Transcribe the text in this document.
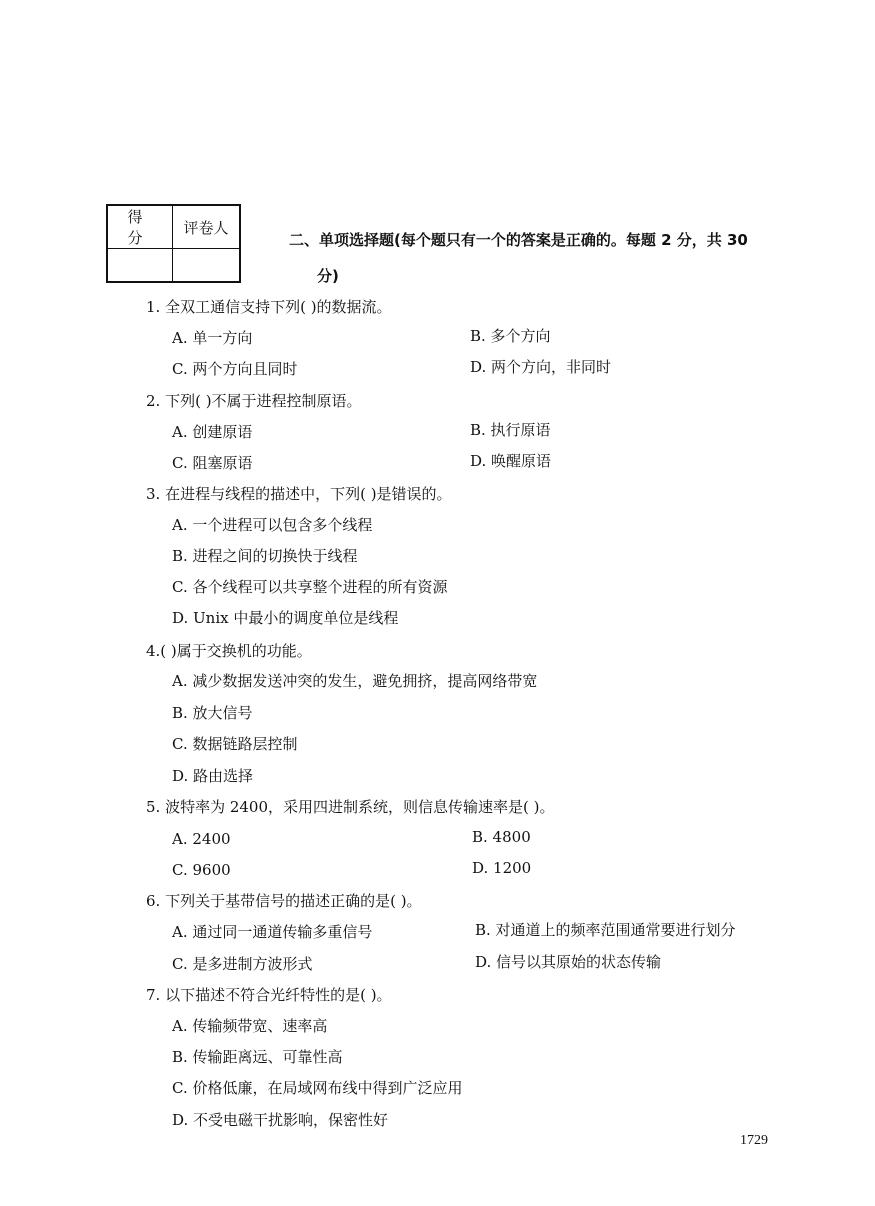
得 分	评卷人

二、单项选择题(每个题只有一个的答案是正确的。每题 2 分，共 30
分)
1. 全双工通信支持下列( )的数据流。
A. 单一方向	B. 多个方向
C. 两个方向且同时	D. 两个方向，非同时
2. 下列( )不属于进程控制原语。
A. 创建原语	B. 执行原语
C. 阻塞原语	D. 唤醒原语
3. 在进程与线程的描述中，下列( )是错误的。
A. 一个进程可以包含多个线程
B. 进程之间的切换快于线程
C. 各个线程可以共享整个进程的所有资源
D. Unix 中最小的调度单位是线程
4.( )属于交换机的功能。
A. 减少数据发送冲突的发生，避免拥挤，提高网络带宽
B. 放大信号
C. 数据链路层控制
D. 路由选择
5. 波特率为 2400，采用四进制系统，则信息传输速率是( )。
A. 2400	B. 4800
C. 9600	D. 1200
6. 下列关于基带信号的描述正确的是( )。
A. 通过同一通道传输多重信号	B. 对通道上的频率范围通常要进行划分
C. 是多进制方波形式	D. 信号以其原始的状态传输
7. 以下描述不符合光纤特性的是( )。
A. 传输频带宽、速率高
B. 传输距离远、可靠性高
C. 价格低廉，在局域网布线中得到广泛应用
D. 不受电磁干扰影响，保密性好
1729
